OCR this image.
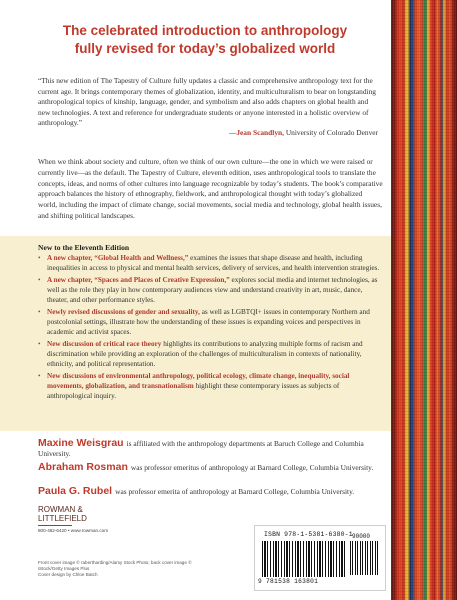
The celebrated introduction to anthropology
fully revised for today’s globalized world

“This new edition of The Tapestry of Culture fully updates a classic and comprehensive anthropology text for the current age. It brings contemporary themes of globalization, identity, and multiculturalism to bear on longstanding anthropological topics of kinship, language, gender, and symbolism and also adds chapters on global health and new technologies. A text and reference for undergraduate students or anyone interested in a holistic overview of anthropology.”

—Jean Scandlyn, University of Colorado Denver

When we think about society and culture, often we think of our own culture—the one in which we were raised or currently live—as the default. The Tapestry of Culture, eleventh edition, uses anthropological tools to translate the concepts, ideas, and norms of other cultures into language recognizable by today’s students. The book’s comparative approach balances the history of ethnography, fieldwork, and anthropological thought with today’s globalized world, including the impact of climate change, social movements, social media and technology, global health issues, and shifting political landscapes.

New to the Eleventh Edition
• A new chapter, “Global Health and Wellness,” examines the issues that shape disease and health, including inequalities in access to physical and mental health services, delivery of services, and health intervention strategies.
• A new chapter, “Spaces and Places of Creative Expression,” explores social media and internet technologies, as well as the role they play in how contemporary audiences view and understand creativity in art, music, dance, theater, and other performance styles.
• Newly revised discussions of gender and sexuality, as well as LGBTQI+ issues in contemporary Northern and postcolonial settings, illustrate how the understanding of these issues is expanding voices and perspectives in academic and activist spaces.
• New discussion of critical race theory highlights its contributions to analyzing multiple forms of racism and discrimination while providing an exploration of the challenges of multiculturalism in contexts of nationality, ethnicity, and political representation.
• New discussions of environmental anthropology, political ecology, climate change, inequality, social movements, globalization, and transnationalism highlight these contemporary issues as subjects of anthropological inquiry.

Maxine Weisgrau is affiliated with the anthropology departments at Baruch College and Columbia University.

Abraham Rosman was professor emeritus of anthropology at Barnard College, Columbia University.

Paula G. Rubel was professor emerita of anthropology at Barnard College, Columbia University.

ROWMAN &
LITTLEFIELD
800-462-6420 • www.rowman.com
Front cover image © rabertharding/Alamy Stock Photo; back cover image © iStock/Getty Images Plus
Cover design by Chloe Batch
ISBN 978-1-5381-6380-1 90000
9 781538 163801
